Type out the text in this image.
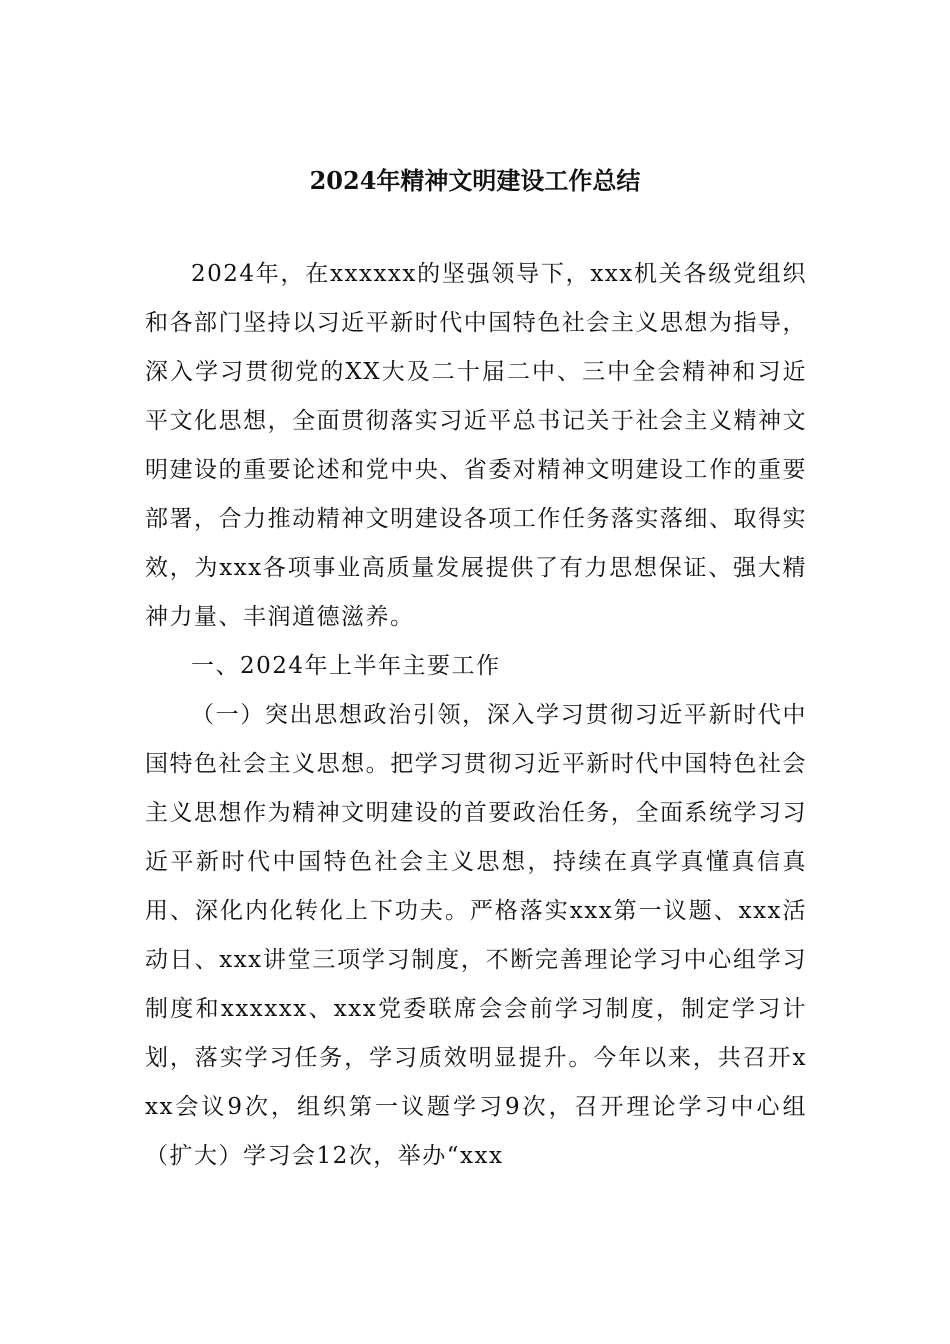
2024年精神文明建设工作总结

2024年，在xxxxxx的坚强领导下，xxx机关各级党组织和各部门坚持以习近平新时代中国特色社会主义思想为指导，深入学习贯彻党的XX大及二十届二中、三中全会精神和习近平文化思想，全面贯彻落实习近平总书记关于社会主义精神文明建设的重要论述和党中央、省委对精神文明建设工作的重要部署，合力推动精神文明建设各项工作任务落实落细、取得实效，为xxx各项事业高质量发展提供了有力思想保证、强大精神力量、丰润道德滋养。

一、2024年上半年主要工作

（一）突出思想政治引领，深入学习贯彻习近平新时代中国特色社会主义思想。把学习贯彻习近平新时代中国特色社会主义思想作为精神文明建设的首要政治任务，全面系统学习习近平新时代中国特色社会主义思想，持续在真学真懂真信真用、深化内化转化上下功夫。严格落实xxx第一议题、xxx活动日、xxx讲堂三项学习制度，不断完善理论学习中心组学习制度和xxxxxx、xxx党委联席会会前学习制度，制定学习计划，落实学习任务，学习质效明显提升。今年以来，共召开xxx会议9次，组织第一议题学习9次，召开理论学习中心组（扩大）学习会12次，举办“xxx
